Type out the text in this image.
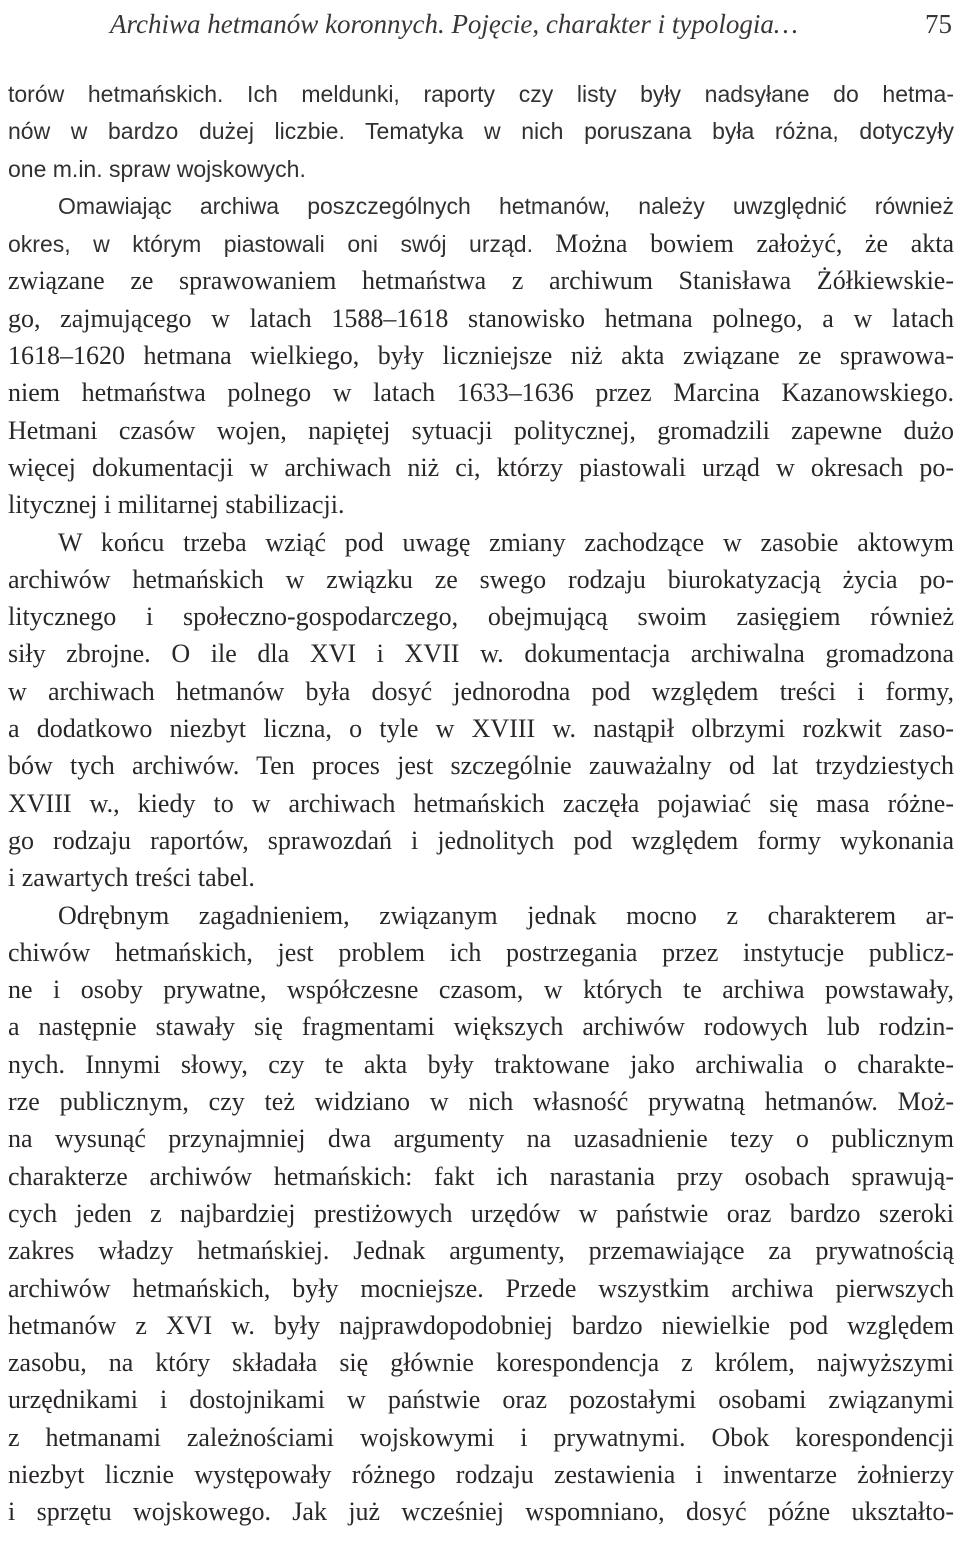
Archiwa hetmanów koronnych. Pojęcie, charakter i typologia…	75
torów hetmańskich. Ich meldunki, raporty czy listy były nadsyłane do hetma-
nów w bardzo dużej liczbie. Tematyka w nich poruszana była różna, dotyczyły
one m.in. spraw wojskowych.
Omawiając archiwa poszczególnych hetmanów, należy uwzględnić również
okres, w którym piastowali oni swój urząd. Można bowiem założyć, że akta
związane ze sprawowaniem hetmaństwa z archiwum Stanisława Żółkiewskie-
go, zajmującego w latach 1588–1618 stanowisko hetmana polnego, a w latach
1618–1620 hetmana wielkiego, były liczniejsze niż akta związane ze sprawowa-
niem hetmaństwa polnego w latach 1633–1636 przez Marcina Kazanowskiego.
Hetmani czasów wojen, napiętej sytuacji politycznej, gromadzili zapewne dużo
więcej dokumentacji w archiwach niż ci, którzy piastowali urząd w okresach po-
litycznej i militarnej stabilizacji.
W końcu trzeba wziąć pod uwagę zmiany zachodzące w zasobie aktowym
archiwów hetmańskich w związku ze swego rodzaju biurokatyzacją życia po-
litycznego i społeczno-gospodarczego, obejmującą swoim zasięgiem również
siły zbrojne. O ile dla XVI i XVII w. dokumentacja archiwalna gromadzona
w archiwach hetmanów była dosyć jednorodna pod względem treści i formy,
a dodatkowo niezbyt liczna, o tyle w XVIII w. nastąpił olbrzymi rozkwit zaso-
bów tych archiwów. Ten proces jest szczególnie zauważalny od lat trzydziestych
XVIII w., kiedy to w archiwach hetmańskich zaczęła pojawiać się masa różne-
go rodzaju raportów, sprawozdań i jednolitych pod względem formy wykonania
i zawartych treści tabel.
Odrębnym zagadnieniem, związanym jednak mocno z charakterem ar-
chiwów hetmańskich, jest problem ich postrzegania przez instytucje publicz-
ne i osoby prywatne, współczesne czasom, w których te archiwa powstawały,
a następnie stawały się fragmentami większych archiwów rodowych lub rodzin-
nych. Innymi słowy, czy te akta były traktowane jako archiwalia o charakte-
rze publicznym, czy też widziano w nich własność prywatną hetmanów. Moż-
na wysunąć przynajmniej dwa argumenty na uzasadnienie tezy o publicznym
charakterze archiwów hetmańskich: fakt ich narastania przy osobach sprawują-
cych jeden z najbardziej prestiżowych urzędów w państwie oraz bardzo szeroki
zakres władzy hetmańskiej. Jednak argumenty, przemawiające za prywatnością
archiwów hetmańskich, były mocniejsze. Przede wszystkim archiwa pierwszych
hetmanów z XVI w. były najprawdopodobniej bardzo niewielkie pod względem
zasobu, na który składała się głównie korespondencja z królem, najwyższymi
urzędnikami i dostojnikami w państwie oraz pozostałymi osobami związanymi
z hetmanami zależnościami wojskowymi i prywatnymi. Obok korespondencji
niezbyt licznie występowały różnego rodzaju zestawienia i inwentarze żołnierzy
i sprzętu wojskowego. Jak już wcześniej wspomniano, dosyć późne ukształto-
